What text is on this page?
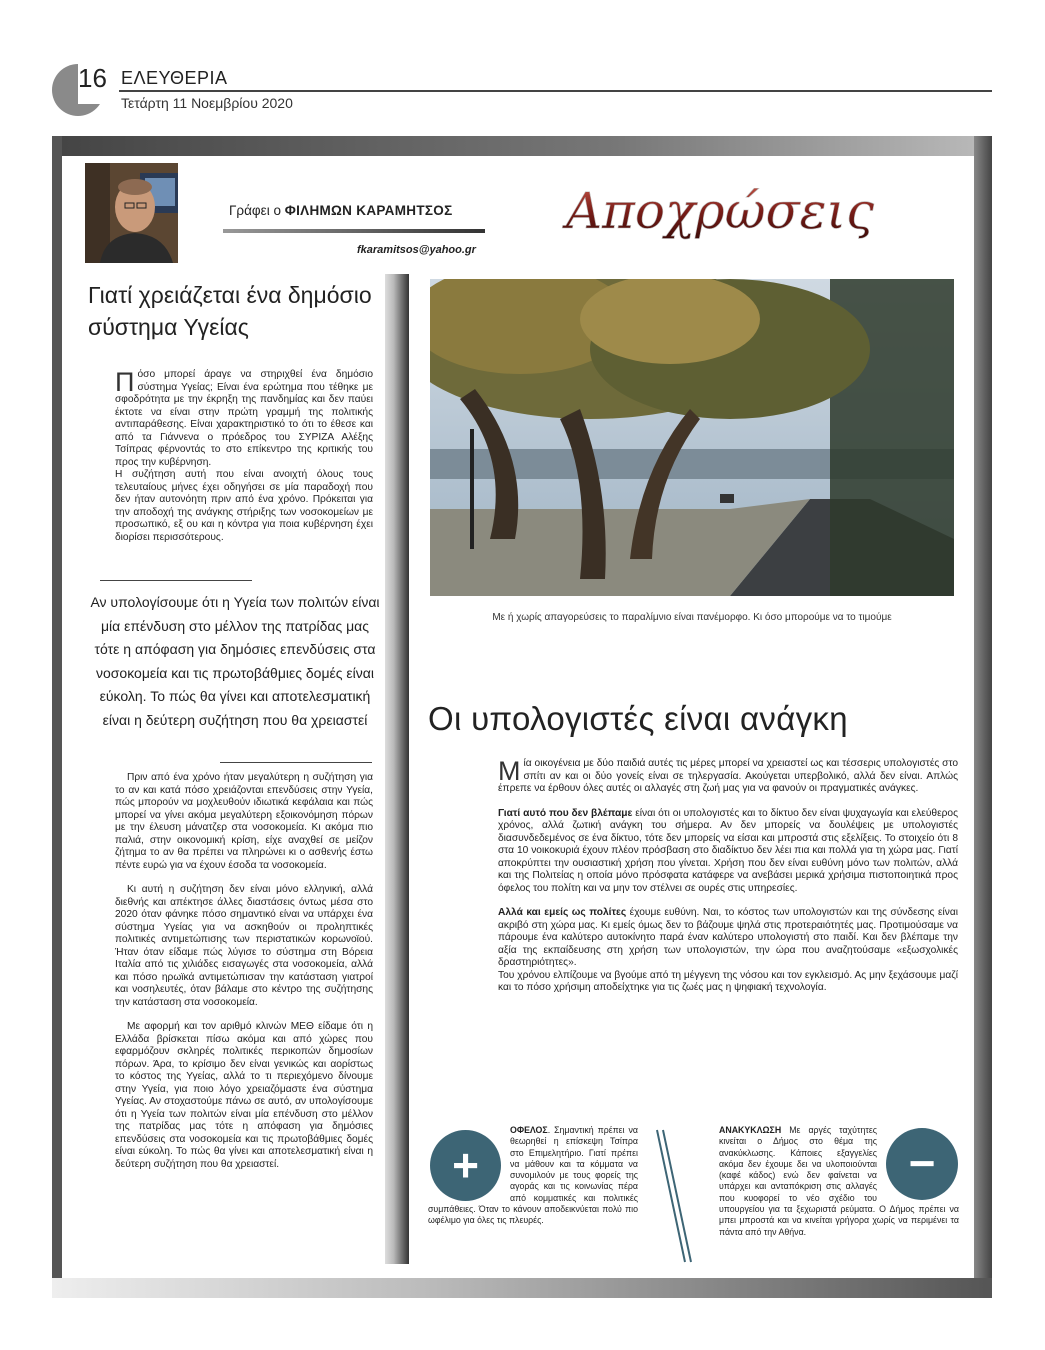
16 ΕΛΕΥΘΕΡΙΑ
Τετάρτη 11 Νοεμβρίου 2020
Γράφει ο ΦΙΛΗΜΩΝ ΚΑΡΑΜΗΤΣΟΣ
fkaramitsos@yahoo.gr
Αποχρώσεις
Γιατί χρειάζεται ένα δημόσιο σύστημα Υγείας
Πόσο μπορεί άραγε να στηριχθεί ένα δημόσιο σύστημα Υγείας; Είναι ένα ερώτημα που τέθηκε με σφοδρότητα με την έκρηξη της πανδημίας και δεν παύει έκτοτε να είναι στην πρώτη γραμμή της πολιτικής αντιπαράθεσης. Είναι χαρακτηριστικό το ότι το έθεσε και από τα Γιάννενα ο πρόεδρος του ΣΥΡΙΖΑ Αλέξης Τσίπρας φέρνοντάς το στο επίκεντρο της κριτικής του προς την κυβέρνηση.
Η συζήτηση αυτή που είναι ανοιχτή όλους τους τελευταίους μήνες έχει οδηγήσει σε μία παραδοχή που δεν ήταν αυτονόητη πριν από ένα χρόνο. Πρόκειται για την αποδοχή της ανάγκης στήριξης των νοσοκομείων με προσωπικό, εξ ου και η κόντρα για ποια κυβέρνηση έχει διορίσει περισσότερους.
Αν υπολογίσουμε ότι η Υγεία των πολιτών είναι μία επένδυση στο μέλλον της πατρίδας μας τότε η απόφαση για δημόσιες επενδύσεις στα νοσοκομεία και τις πρωτοβάθμιες δομές είναι εύκολη. Το πώς θα γίνει και αποτελεσματική είναι η δεύτερη συζήτηση που θα χρειαστεί

Πριν από ένα χρόνο ήταν μεγαλύτερη η συζήτηση για το αν και κατά πόσο χρειάζονται επενδύσεις στην Υγεία, πώς μπορούν να μοχλευθούν ιδιωτικά κεφάλαια και πώς μπορεί να γίνει ακόμα μεγαλύτερη εξοικονόμηση πόρων με την έλευση μάνατζερ στα νοσοκομεία. Κι ακόμα πιο παλιά, στην οικονομική κρίση, είχε αναχθεί σε μείζον ζήτημα το αν θα πρέπει να πληρώνει κι ο ασθενής έστω πέντε ευρώ για να έχουν έσοδα τα νοσοκομεία.

Κι αυτή η συζήτηση δεν είναι μόνο ελληνική, αλλά διεθνής και απέκτησε άλλες διαστάσεις όντως μέσα στο 2020 όταν φάνηκε πόσο σημαντικό είναι να υπάρχει ένα σύστημα Υγείας για να ασκηθούν οι προληπτικές πολιτικές αντιμετώπισης των περιστατικών κορωνοϊού. Ήταν όταν είδαμε πώς λύγισε το σύστημα στη Βόρεια Ιταλία από τις χιλιάδες εισαγωγές στα νοσοκομεία, αλλά και πόσο ηρωϊκά αντιμετώπισαν την κατάσταση γιατροί και νοσηλευτές, όταν βάλαμε στο κέντρο της συζήτησης την κατάσταση στα νοσοκομεία.

Με αφορμή και τον αριθμό κλινών ΜΕΘ είδαμε ότι η Ελλάδα βρίσκεται πίσω ακόμα και από χώρες που εφαρμόζουν σκληρές πολιτικές περικοπών δημοσίων πόρων. Άρα, το κρίσιμο δεν είναι γενικώς και αορίστως το κόστος της Υγείας, αλλά το τι περιεχόμενο δίνουμε στην Υγεία, για ποιο λόγο χρειαζόμαστε ένα σύστημα Υγείας. Αν στοχαστούμε πάνω σε αυτό, αν υπολογίσουμε ότι η Υγεία των πολιτών είναι μία επένδυση στο μέλλον της πατρίδας μας τότε η απόφαση για δημόσιες επενδύσεις στα νοσοκομεία και τις πρωτοβάθμιες δομές είναι εύκολη. Το πώς θα γίνει και αποτελεσματική είναι η δεύτερη συζήτηση που θα χρειαστεί.

Με ή χωρίς απαγορεύσεις το παραλίμνιο είναι πανέμορφο. Κι όσο μπορούμε να το τιμούμε
Οι υπολογιστές είναι ανάγκη

Μία οικογένεια με δύο παιδιά αυτές τις μέρες μπορεί να χρειαστεί ως και τέσσερις υπολογιστές στο σπίτι αν και οι δύο γονείς είναι σε τηλεργασία. Ακούγεται υπερβολικό, αλλά δεν είναι. Απλώς έπρεπε να έρθουν όλες αυτές οι αλλαγές στη ζωή μας για να φανούν οι πραγματικές ανάγκες.

Γιατί αυτό που δεν βλέπαμε είναι ότι οι υπολογιστές και το δίκτυο δεν είναι ψυχαγωγία και ελεύθερος χρόνος, αλλά ζωτική ανάγκη του σήμερα. Αν δεν μπορείς να δουλέψεις με υπολογιστές διασυνδεδεμένος σε ένα δίκτυο, τότε δεν μπορείς να είσαι και μπροστά στις εξελίξεις. Το στοιχείο ότι 8 στα 10 νοικοκυριά έχουν πλέον πρόσβαση στο διαδίκτυο δεν λέει πια και πολλά για τη χώρα μας. Γιατί αποκρύπτει την ουσιαστική χρήση που γίνεται. Χρήση που δεν είναι ευθύνη μόνο των πολιτών, αλλά και της Πολιτείας η οποία μόνο πρόσφατα κατάφερε να ανεβάσει μερικά χρήσιμα πιστοποιητικά προς όφελος του πολίτη και να μην τον στέλνει σε ουρές στις υπηρεσίες.

Αλλά και εμείς ως πολίτες έχουμε ευθύνη. Ναι, το κόστος των υπολογιστών και της σύνδεσης είναι ακριβό στη χώρα μας. Κι εμείς όμως δεν το βάζουμε ψηλά στις προτεραιότητές μας. Προτιμούσαμε να πάρουμε ένα καλύτερο αυτοκίνητο παρά έναν καλύτερο υπολογιστή στο παιδί. Και δεν βλέπαμε την αξία της εκπαίδευσης στη χρήση των υπολογιστών, την ώρα που αναζητούσαμε «εξωσχολικές δραστηριότητες».
Του χρόνου ελπίζουμε να βγούμε από τη μέγγενη της νόσου και τον εγκλεισμό. Ας μην ξεχάσουμε μαζί και το πόσο χρήσιμη αποδείχτηκε για τις ζωές μας η ψηφιακή τεχνολογία.

ΟΦΕΛΟΣ. Σημαντική πρέπει να θεωρηθεί η επίσκεψη Τσίπρα στο Επιμελητήριο. Γιατί πρέπει να μάθουν και τα κόμματα να συνομιλούν με τους φορείς της αγοράς και τις κοινωνίας πέρα από κομματικές και πολιτικές συμπάθειες. Όταν το κάνουν αποδεικνύεται πολύ πιο ωφέλιμο για όλες τις πλευρές.
+
ΑΝΑΚΥΚΛΩΣΗ Με αργές ταχύτητες κινείται ο Δήμος στο θέμα της ανακύκλωσης. Κάποιες εξαγγελίες ακόμα δεν έχουμε δει να υλοποιούνται (καφέ κάδος) ενώ δεν φαίνεται να υπάρχει και ανταπόκριση στις αλλαγές που κυοφορεί το νέο σχέδιο του υπουργείου για τα ξεχωριστά ρεύματα. Ο Δήμος πρέπει να μπει μπροστά και να κινείται γρήγορα χωρίς να περιμένει τα πάντα από την Αθήνα.
−
